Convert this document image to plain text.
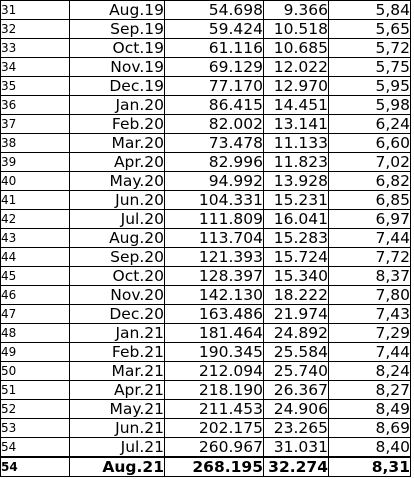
31	Aug.19	54.698	9.366	5,84
32	Sep.19	59.424	10.518	5,65
33	Oct.19	61.116	10.685	5,72
34	Nov.19	69.129	12.022	5,75
35	Dec.19	77.170	12.970	5,95
36	Jan.20	86.415	14.451	5,98
37	Feb.20	82.002	13.141	6,24
38	Mar.20	73.478	11.133	6,60
39	Apr.20	82.996	11.823	7,02
40	May.20	94.992	13.928	6,82
41	Jun.20	104.331	15.231	6,85
42	Jul.20	111.809	16.041	6,97
43	Aug.20	113.704	15.283	7,44
44	Sep.20	121.393	15.724	7,72
45	Oct.20	128.397	15.340	8,37
46	Nov.20	142.130	18.222	7,80
47	Dec.20	163.486	21.974	7,43
48	Jan.21	181.464	24.892	7,29
49	Feb.21	190.345	25.584	7,44
50	Mar.21	212.094	25.740	8,24
51	Apr.21	218.190	26.367	8,27
52	May.21	211.453	24.906	8,49
53	Jun.21	202.175	23.265	8,69
54	Jul.21	260.967	31.031	8,40
54	Aug.21	268.195	32.274	8,31
